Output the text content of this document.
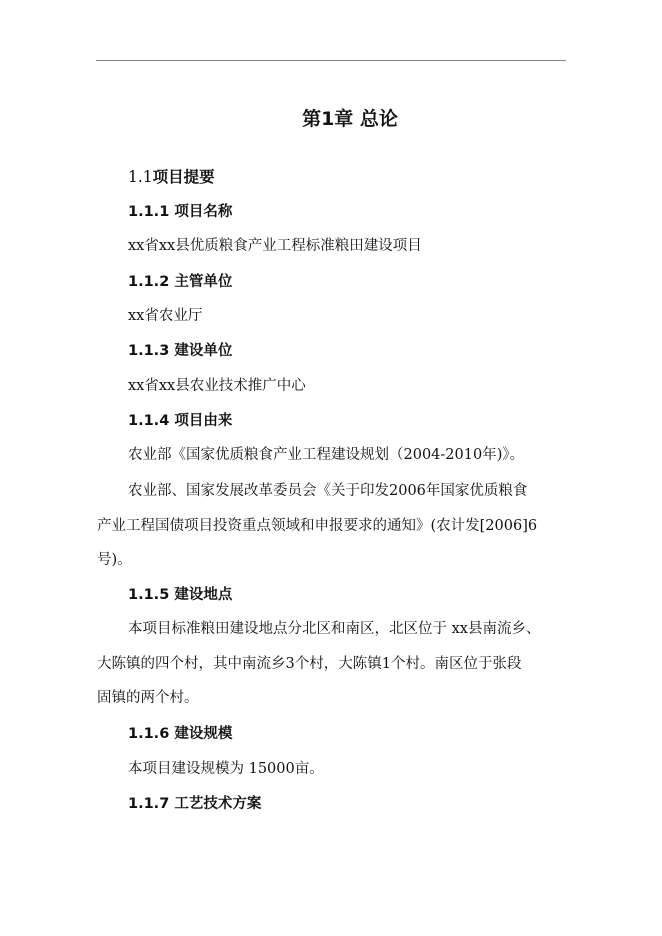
第1章 总论
1.1项目提要
1.1.1 项目名称
xx省xx县优质粮食产业工程标准粮田建设项目
1.1.2 主管单位
xx省农业厅
1.1.3 建设单位
xx省xx县农业技术推广中心
1.1.4 项目由来
农业部《国家优质粮食产业工程建设规划（2004-2010年)》。
农业部、国家发展改革委员会《关于印发2006年国家优质粮食
产业工程国债项目投资重点领域和申报要求的通知》(农计发[2006]6
号)。
1.1.5 建设地点
本项目标准粮田建设地点分北区和南区，北区位于 xx县南流乡、
大陈镇的四个村，其中南流乡3个村，大陈镇1个村。南区位于张段
固镇的两个村。
1.1.6 建设规模
本项目建设规模为 15000亩。
1.1.7 工艺技术方案
